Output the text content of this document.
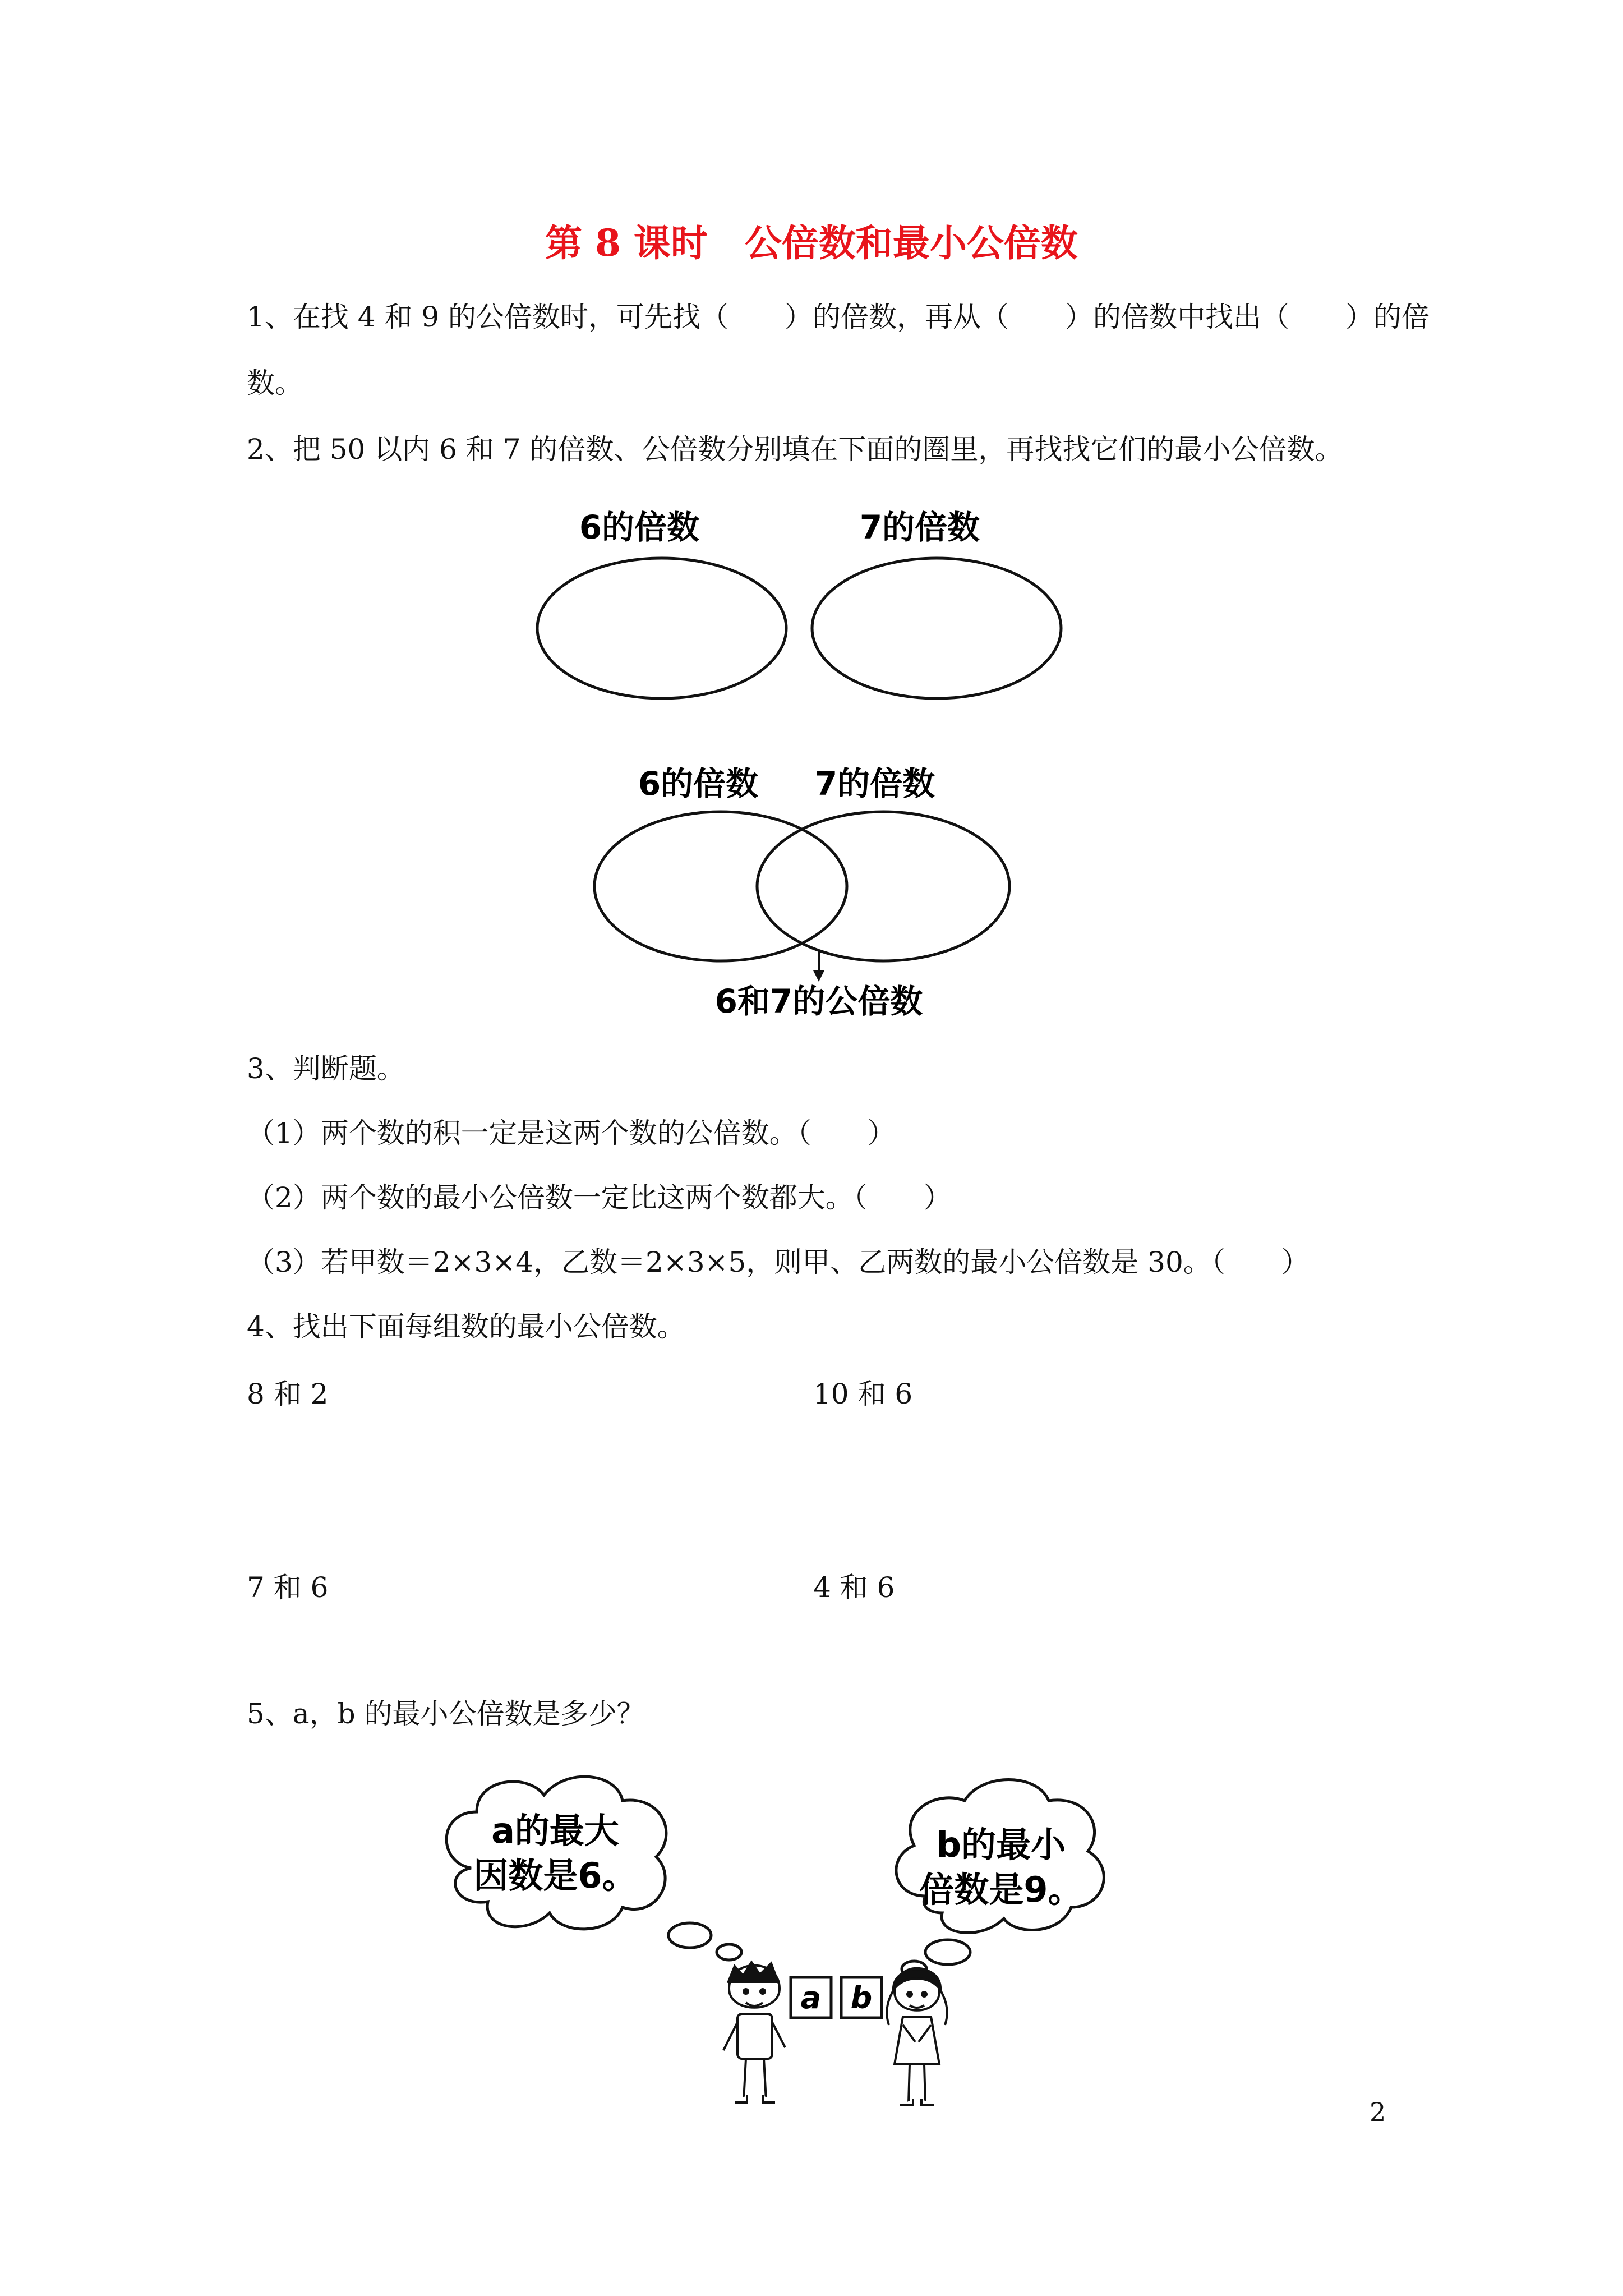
第 8 课时　公倍数和最小公倍数
1、在找 4 和 9 的公倍数时，可先找（　　）的倍数，再从（　　）的倍数中找出（　　）的倍
数。
2、把 50 以内 6 和 7 的倍数、公倍数分别填在下面的圈里，再找找它们的最小公倍数。
6的倍数	7的倍数
6的倍数 7的倍数
6和7的公倍数
3、判断题。
（1）两个数的积一定是这两个数的公倍数。（　　）
（2）两个数的最小公倍数一定比这两个数都大。（　　）
（3）若甲数＝2×3×4，乙数＝2×3×5，则甲、乙两数的最小公倍数是 30。（　　）
4、找出下面每组数的最小公倍数。
8 和 2	10 和 6
7 和 6	4 和 6
5、a，b 的最小公倍数是多少？
a的最大
因数是6。
b的最小
倍数是9。
a b
2
